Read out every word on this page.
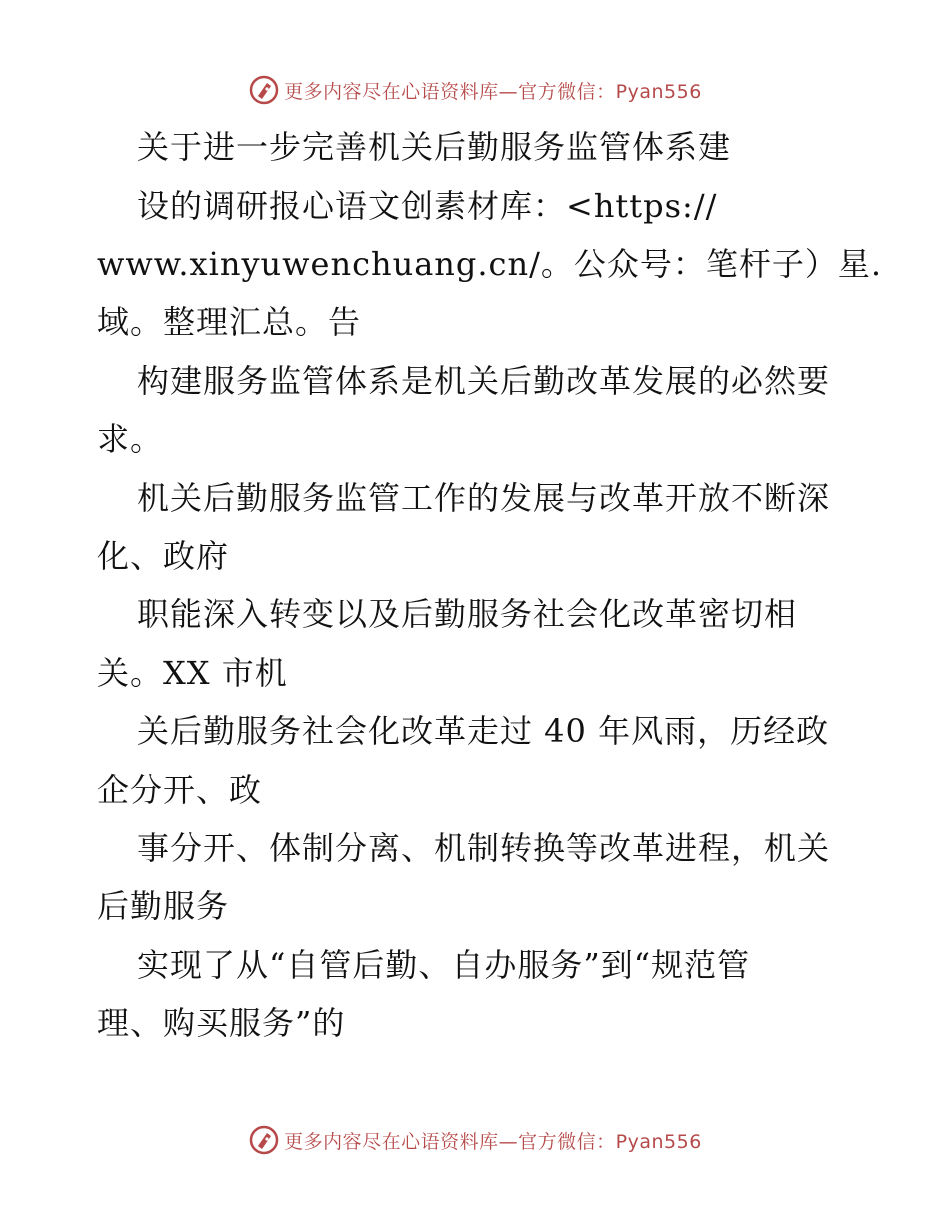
更多内容尽在心语资料库—官方微信：Pyan556
关于进一步完善机关后勤服务监管体系建
设的调研报心语文创素材库：<https://
www.xinyuwenchuang.cn/。公众号：笔杆子）星.
域。整理汇总。告
构建服务监管体系是机关后勤改革发展的必然要
求。
机关后勤服务监管工作的发展与改革开放不断深
化、政府
职能深入转变以及后勤服务社会化改革密切相
关。XX 市机
关后勤服务社会化改革走过 40 年风雨，历经政
企分开、政
事分开、体制分离、机制转换等改革进程，机关
后勤服务
实现了从“自管后勤、自办服务”到“规范管
理、购买服务”的
更多内容尽在心语资料库—官方微信：Pyan556
